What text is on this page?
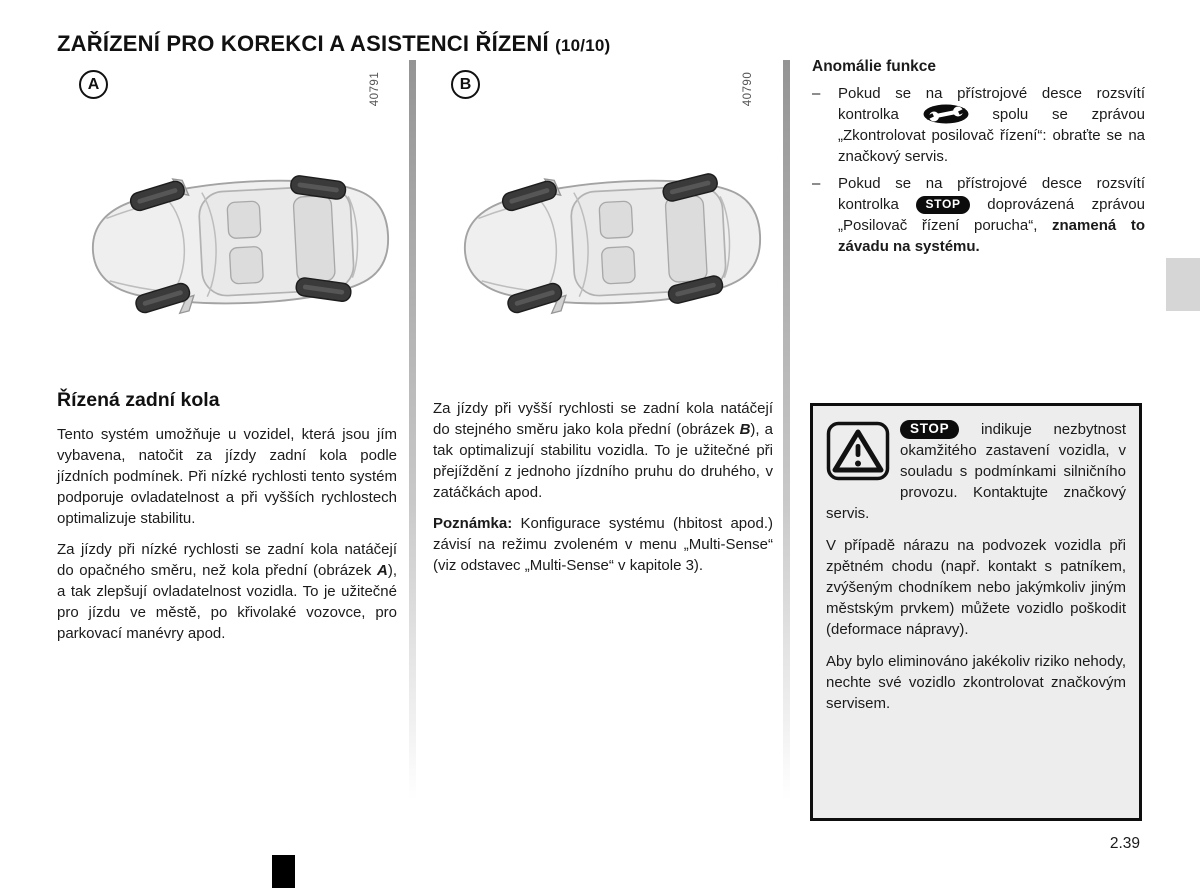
ZAŘÍZENÍ PRO KOREKCI A ASISTENCI ŘÍZENÍ (10/10)
A	40791	B	40790
Řízená zadní kola

Tento systém umožňuje u vozidel, která jsou jím vybavena, natočit za jízdy zadní kola podle jízdních podmínek. Při nízké rychlosti tento systém podporuje ovladatelnost a při vyšších rychlostech optimalizuje stabilitu.

Za jízdy při nízké rychlosti se zadní kola natáčejí do opačného směru, než kola přední (obrázek A), a tak zlepšují ovladatelnost vozidla. To je užitečné pro jízdu ve městě, po křivolaké vozovce, pro parkovací manévry apod.

Za jízdy při vyšší rychlosti se zadní kola natáčejí do stejného směru jako kola přední (obrázek B), a tak optimalizují stabilitu vozidla. To je užitečné při přejíždění z jednoho jízdního pruhu do druhého, v zatáčkách apod.

Poznámka: Konfigurace systému (hbitost apod.) závisí na režimu zvoleném v menu „Multi-Sense“ (viz odstavec „Multi-Sense“ v kapitole 3).

Anomálie funkce
–	Pokud se na přístrojové desce rozsvítí kontrolka	spolu se zprávou „Zkontrolovat posilovač řízení“: obraťte se na značkový servis.

–	Pokud se na přístrojové desce rozsvítí kontrolka STOP doprovázená zprávou „Posilovač řízení porucha“, znamená to závadu na systému.

STOP indikuje nezbytnost okamžitého zastavení vozidla, v souladu s podmínkami silničního provozu. Kontaktujte značkový servis.

V případě nárazu na podvozek vozidla při zpětném chodu (např. kontakt s patníkem, zvýšeným chodníkem nebo jakýmkoliv jiným městským prvkem) můžete vozidlo poškodit (deformace nápravy).

Aby bylo eliminováno jakékoliv riziko nehody, nechte své vozidlo zkontrolovat značkovým servisem.

2.39
